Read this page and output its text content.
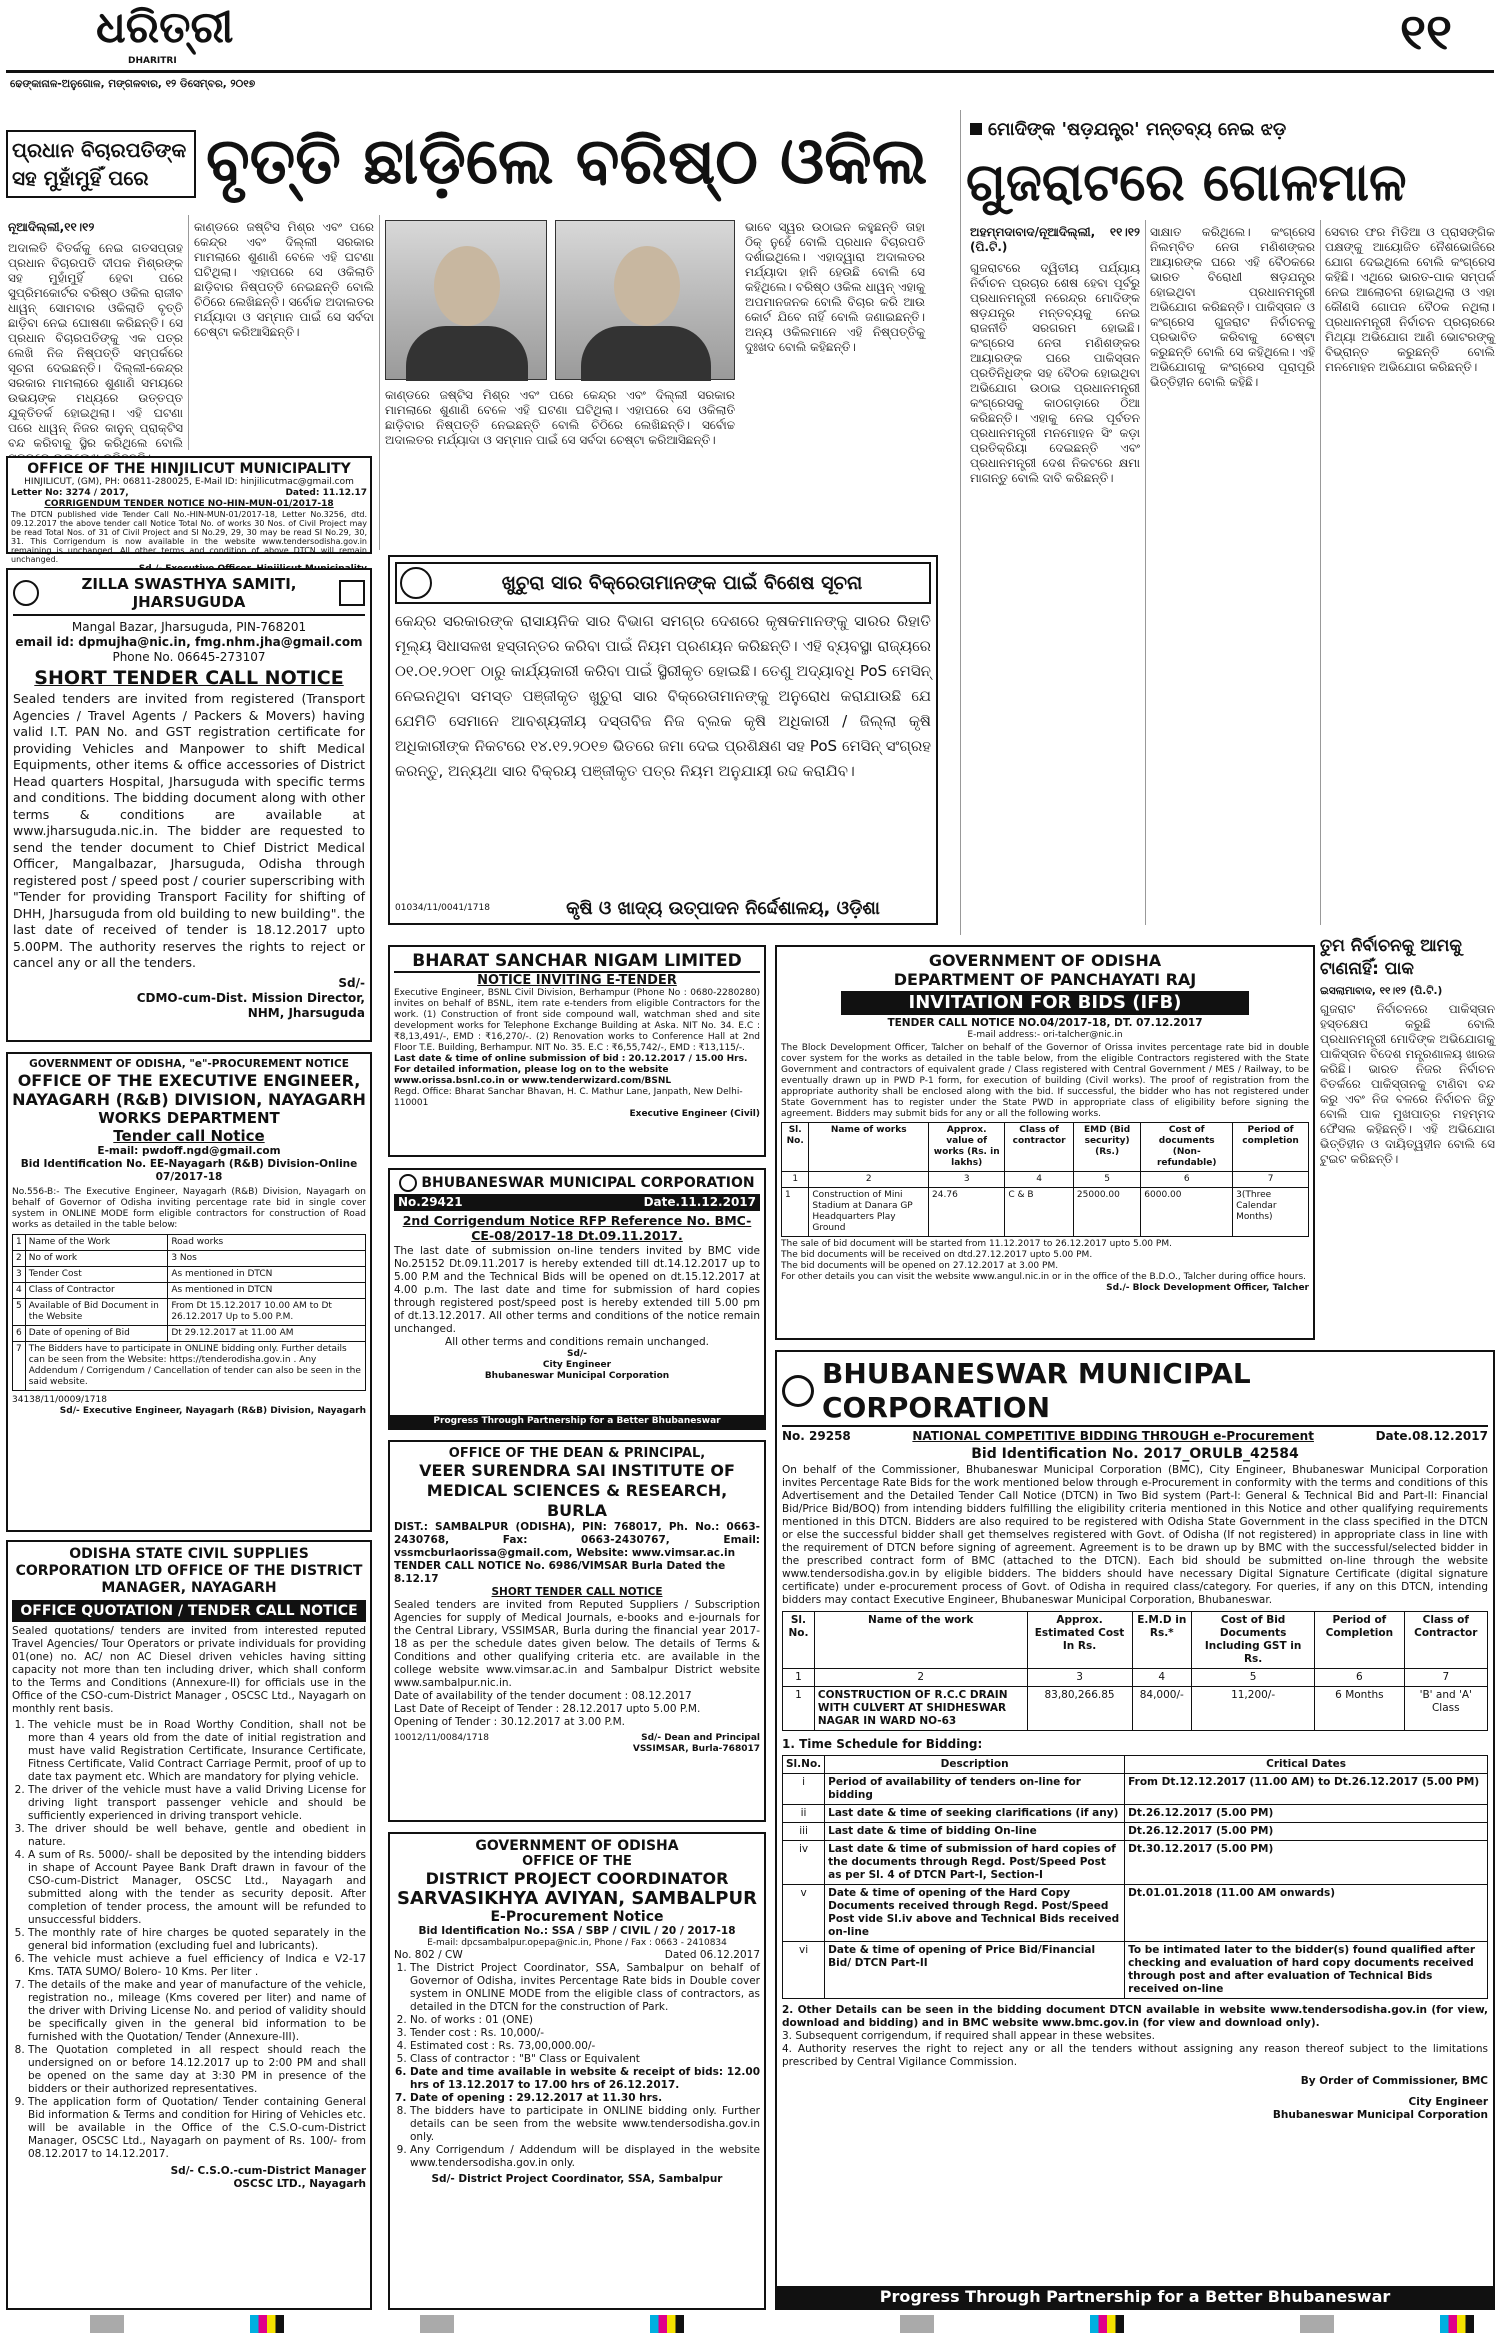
ଧରିତ୍ରୀ
DHARITRI	୧୧
ଢେଙ୍କାନାଳ-ଅନୁଗୋଳ, ମଙ୍ଗଳବାର, ୧୨ ଡିସେମ୍ବର, ୨୦୧୭
ପ୍ରଧାନ ବିଚାରପତିଙ୍କ ସହ ମୁହାଁମୁହିଁ ପରେ ବୃତ୍ତି ଛାଡ଼ିଲେ ବରିଷ୍ଠ ଓକିଲ
ନୂଆଦିଲ୍ଲୀ,୧୧।୧୨
ଅଦାଲତି ବିତର୍କକୁ ନେଇ ଗତସପ୍ତାହ ପ୍ରଧାନ ବିଚାରପତି ଦୀପକ ମିଶ୍ରଙ୍କ ସହ ମୁହାଁମୁହିଁ ହେବା ପରେ ସୁପ୍ରିମକୋର୍ଟର ବରିଷ୍ଠ ଓକିଲ ରାଜୀବ ଧାୱନ୍ ସୋମବାର ଓକିଲାତି ବୃତ୍ତି ଛାଡ଼ିବା ନେଇ ଘୋଷଣା କରିଛନ୍ତି। ସେ ପ୍ରଧାନ ବିଚାରପତିଙ୍କୁ ଏକ ପତ୍ର ଲେଖି ନିଜ ନିଷ୍ପତ୍ତି ସମ୍ପର୍କରେ ସୂଚନା ଦେଇଛନ୍ତି। ଦିଲ୍ଲୀ-କେନ୍ଦ୍ର ସରକାର ମାମଲାରେ ଶୁଣାଣି ସମୟରେ ଉଭୟଙ୍କ ମଧ୍ୟରେ ଉତ୍ତପ୍ତ ଯୁକ୍ତିତର୍କ ହୋଇଥିଲା। ଏହି ଘଟଣା ପରେ ଧାୱନ୍ ନିଜର କାନୁନ୍ ପ୍ରାକ୍ଟିସ ବନ୍ଦ କରିବାକୁ ସ୍ଥିର କରିଥିଲେ ବୋଲି
କାଣ୍ଡରେ ଜଷ୍ଟିସ ମିଶ୍ର ଏବଂ ପରେ କେନ୍ଦ୍ର ଏବଂ ଦିଲ୍ଲୀ ସରକାର ମାମଲାରେ ଶୁଣାଣି ବେଳେ ଏହି ଘଟଣା ଘଟିଥିଲା। ଏହାପରେ ସେ ଓକିଲାତି ଛାଡ଼ିବାର ନିଷ୍ପତ୍ତି ନେଇଛନ୍ତି ବୋଲି ଚିଠିରେ ଲେଖିଛନ୍ତି। ସର୍ବୋଚ୍ଚ ଅଦାଲତର ମର୍ଯ୍ୟାଦା ଓ ସମ୍ମାନ ପାଇଁ ସେ ସର୍ବଦା ଚେଷ୍ଟା କରିଆସିଛନ୍ତି।
କାଣ୍ଡରେ ଜଷ୍ଟିସ ମିଶ୍ର ଏବଂ ପରେ କେନ୍ଦ୍ର ଏବଂ ଦିଲ୍ଲୀ ସରକାର ମାମଲାରେ ଶୁଣାଣି ବେଳେ ଏହି ଘଟଣା ଘଟିଥିଲା। ଏହାପରେ ସେ ଓକିଲାତି ଛାଡ଼ିବାର ନିଷ୍ପତ୍ତି ନେଇଛନ୍ତି ବୋଲି ଚିଠିରେ ଲେଖିଛନ୍ତି। ସର୍ବୋଚ୍ଚ ଅଦାଲତର ମର୍ଯ୍ୟାଦା ଓ ସମ୍ମାନ ପାଇଁ ସେ ସର୍ବଦା ଚେଷ୍ଟା କରିଆସିଛନ୍ତି।
ଭାବେ ସ୍ୱର ଉଠାଇନ କହୁଛନ୍ତି ତାହା ଠିକ୍ ନୁହେଁ ବୋଲି ପ୍ରଧାନ ବିଚାରପତି ଦର୍ଶାଇଥିଲେ। ଏହାଦ୍ୱାରା ଅଦାଲତର ମର୍ଯ୍ୟାଦା ହାନି ହେଉଛି ବୋଲି ସେ କହିଥିଲେ। ବରିଷ୍ଠ ଓକିଲ ଧାୱନ୍ ଏହାକୁ ଅପମାନଜନକ ବୋଲି ବିଚାର କରି ଆଉ କୋର୍ଟ ଯିବେ ନାହିଁ ବୋଲି ଜଣାଇଛନ୍ତି। ଅନ୍ୟ ଓକିଲମାନେ ଏହି ନିଷ୍ପତ୍ତିକୁ ଦୁଃଖଦ ବୋଲି କହିଛନ୍ତି।
ମୋଦିଙ୍କ 'ଷଡ଼ଯନ୍ତ୍ର' ମନ୍ତବ୍ୟ ନେଇ ଝଡ଼
ଗୁଜରାଟରେ ଗୋଳମାଳ
ଅହମ୍ମଦାବାଦ/ନୂଆଦିଲ୍ଲୀ, ୧୧।୧୨ (ପି.ଟି.)
ଗୁଜରାଟରେ ଦ୍ୱିତୀୟ ପର୍ଯ୍ୟାୟ ନିର୍ବାଚନ ପ୍ରଚାର ଶେଷ ହେବା ପୂର୍ବରୁ ପ୍ରଧାନମନ୍ତ୍ରୀ ନରେନ୍ଦ୍ର ମୋଦିଙ୍କ ଷଡ଼ଯନ୍ତ୍ର ମନ୍ତବ୍ୟକୁ ନେଇ ରାଜନୀତି ସରଗରମ ହୋଇଛି। କଂଗ୍ରେସ ନେତା ମଣିଶଙ୍କର ଆୟାରଙ୍କ ଘରେ ପାକିସ୍ତାନ ପ୍ରତିନିଧିଙ୍କ ସହ ବୈଠକ ହୋଇଥିବା ଅଭିଯୋଗ ଉଠାଇ ପ୍ରଧାନମନ୍ତ୍ରୀ କଂଗ୍ରେସକୁ କାଠଗଡ଼ାରେ ଠିଆ କରିଛନ୍ତି। ଏହାକୁ ନେଇ ପୂର୍ବତନ ପ୍ରଧାନମନ୍ତ୍ରୀ ମନମୋହନ ସିଂ କଡ଼ା ପ୍ରତିକ୍ରିୟା ଦେଇଛନ୍ତି ଏବଂ ପ୍ରଧାନମନ୍ତ୍ରୀ ଦେଶ ନିକଟରେ କ୍ଷମା ମାଗନ୍ତୁ ବୋଲି ଦାବି କରିଛନ୍ତି।
ସାକ୍ଷାତ କରିଥିଲେ। କଂଗ୍ରେସ ନିଲମ୍ବିତ ନେତା ମଣିଶଙ୍କର ଆୟାରଙ୍କ ଘରେ ଏହି ବୈଠକରେ ଭାରତ ବିରୋଧୀ ଷଡ଼ଯନ୍ତ୍ର ହୋଇଥିବା ପ୍ରଧାନମନ୍ତ୍ରୀ ଅଭିଯୋଗ କରିଛନ୍ତି। ପାକିସ୍ତାନ ଓ କଂଗ୍ରେସ ଗୁଜରାଟ ନିର୍ବାଚନକୁ ପ୍ରଭାବିତ କରିବାକୁ ଚେଷ୍ଟା କରୁଛନ୍ତି ବୋଲି ସେ କହିଥିଲେ। ଏହି ଅଭିଯୋଗକୁ କଂଗ୍ରେସ ପୂରାପୂରି ଭିତ୍ତିହୀନ ବୋଲି କହିଛି।
ସେବାର ଫର ମିଡିଆ ଓ ପ୍ରାସଙ୍ଗିକ ପକ୍ଷଙ୍କୁ ଆୟୋଜିତ ନୈଶଭୋଜିରେ ଯୋଗ ଦେଇଥିଲେ ବୋଲି କଂଗ୍ରେସ କହିଛି। ଏଥିରେ ଭାରତ-ପାକ ସମ୍ପର୍କ ନେଇ ଆଲୋଚନା ହୋଇଥିଲା ଓ ଏହା କୌଣସି ଗୋପନ ବୈଠକ ନଥିଲା। ପ୍ରଧାନମନ୍ତ୍ରୀ ନିର୍ବାଚନ ପ୍ରଚାରରେ ମିଥ୍ୟା ଅଭିଯୋଗ ଆଣି ଭୋଟରଙ୍କୁ ବିଭ୍ରାନ୍ତ କରୁଛନ୍ତି ବୋଲି ମନମୋହନ ଅଭିଯୋଗ କରିଛନ୍ତି।
ତୁମ ନିର୍ବାଚନକୁ ଆମକୁ ଟାଣନାହିଁ: ପାକ
ଇସଲାମାବାଦ, ୧୧।୧୨ (ପି.ଟି.)
ଗୁଜରାଟ ନିର୍ବାଚନରେ ପାକିସ୍ତାନ ହସ୍ତକ୍ଷେପ କରୁଛି ବୋଲି ପ୍ରଧାନମନ୍ତ୍ରୀ ମୋଦିଙ୍କ ଅଭିଯୋଗକୁ ପାକିସ୍ତାନ ବିଦେଶ ମନ୍ତ୍ରଣାଳୟ ଖାରଜ କରିଛି। ଭାରତ ନିଜର ନିର୍ବାଚନ ବିତର୍କରେ ପାକିସ୍ତାନକୁ ଟାଣିବା ବନ୍ଦ କରୁ ଏବଂ ନିଜ ବଳରେ ନିର୍ବାଚନ ଜିତୁ ବୋଲି ପାକ ମୁଖପାତ୍ର ମହମ୍ମଦ ଫୈସଲ କହିଛନ୍ତି। ଏହି ଅଭିଯୋଗ ଭିତ୍ତିହୀନ ଓ ଦାୟିତ୍ୱହୀନ ବୋଲି ସେ ଟୁଇଟ କରିଛନ୍ତି।
OFFICE OF THE HINJILICUT MUNICIPALITY
HINJILICUT, (GM), PH: 06811-280025, E-Mail ID: hinjilicutmac@gmail.com
Letter No: 3274 / 2017,	Dated: 11.12.17
CORRIGENDUM TENDER NOTICE NO-HIN-MUN-01/2017-18
The DTCN published vide Tender Call No.-HIN-MUN-01/2017-18, Letter No.3256, dtd. 09.12.2017 the above tender call Notice Total No. of works 30 Nos. of Civil Project may be read Total Nos. of 31 of Civil Project and SI No.29, 29, 30 may be read SI No.29, 30, 31. This Corrigendum is now available in the website www.tendersodisha.gov.in remaining is unchanged. All other terms and condition of above DTCN will remain unchanged.
ZILLA SWASTHYA SAMITI, JHARSUGUDA
Mangal Bazar, Jharsuguda, PIN-768201
email id: dpmujha@nic.in, fmg.nhm.jha@gmail.com
Phone No. 06645-273107
SHORT TENDER CALL NOTICE
Sealed tenders are invited from registered (Transport Agencies / Travel Agents / Packers & Movers) having valid I.T. PAN No. and GST registration certificate for providing Vehicles and Manpower to shift Medical Equipments, other items & office accessories of District Head quarters Hospital, Jharsuguda with specific terms and conditions. The bidding document along with other terms & conditions are available at www.jharsuguda.nic.in. The bidder are requested to send the tender document to Chief District Medical Officer, Mangalbazar, Jharsuguda, Odisha through registered post / speed post / courier superscribing with "Tender for providing Transport Facility for shifting of DHH, Jharsuguda from old building to new building". the last date of received of tender is 18.12.2017 upto 5.00PM. The authority reserves the rights to reject or cancel any or all the tenders.
Sd/-
CDMO-cum-Dist. Mission Director,
NHM, Jharsuguda
GOVERNMENT OF ODISHA, "e"-PROCUREMENT NOTICE
OFFICE OF THE EXECUTIVE ENGINEER, NAYAGARH (R&B) DIVISION, NAYAGARH
WORKS DEPARTMENT
Tender call Notice
E-mail: pwdoff.ngd@gmail.com
Bid Identification No. EE-Nayagarh (R&B) Division-Online 07/2017-18
No.556-B:- The Executive Engineer, Nayagarh (R&B) Division, Nayagarh on behalf of Governor of Odisha inviting percentage rate bid in single cover system in ONLINE MODE form eligible contractors for construction of Road works as detailed in the table below:
1	Name of the Work	Road works
2	No of work	3 Nos
3	Tender Cost	As mentioned in DTCN
4	Class of Contractor	As mentioned in DTCN
5	Available of Bid Document in the Website	From Dt 15.12.2017 10.00 AM to Dt 26.12.2017 Up to 5.00 P.M.
6	Date of opening of Bid	Dt 29.12.2017 at 11.00 AM
7	The Bidders have to participate in ONLINE bidding only. Further details can be seen from the Website: https://tenderodisha.gov.in . Any Addendum / Corrigendum / Cancellation of tender can also be seen in the said website.	
34138/11/0009/1718
Sd/- Executive Engineer, Nayagarh (R&B) Division, Nayagarh
ODISHA STATE CIVIL SUPPLIES CORPORATION LTD OFFICE OF THE DISTRICT MANAGER, NAYAGARH
OFFICE QUOTATION / TENDER CALL NOTICE
Sealed quotations/ tenders are invited from interested reputed Travel Agencies/ Tour Operators or private individuals for providing 01(one) no. AC/ non AC Diesel driven vehicles having sitting capacity not more than ten including driver, which shall conform to the Terms and Conditions (Annexure-II) for officials use in the Office of the CSO-cum-District Manager , OSCSC Ltd., Nayagarh on monthly rent basis.
1. The vehicle must be in Road Worthy Condition, shall not be more than 4 years old from the date of initial registration and must have valid Registration Certificate, Insurance Certificate, Fitness Certificate, Valid Contract Carriage Permit, proof of up to date tax payment etc. Which are mandatory for plying vehicle.
2. The driver of the vehicle must have a valid Driving License for driving light transport passenger vehicle and should be sufficiently experienced in driving transport vehicle.
3. The driver should be well behave, gentle and obedient in nature.
4. A sum of Rs. 5000/- shall be deposited by the intending bidders in shape of Account Payee Bank Draft drawn in favour of the CSO-cum-District Manager, OSCSC Ltd., Nayagarh and submitted along with the tender as security deposit. After completion of tender process, the amount will be refunded to unsuccessful bidders.
5. The monthly rate of hire charges be quoted separately in the general bid information (excluding fuel and lubricants).
6. The vehicle must achieve a fuel efficiency of Indica e V2-17 Kms. TATA SUMO/ Bolero- 10 Kms. Per liter .
7. The details of the make and year of manufacture of the vehicle, registration no., mileage (Kms covered per liter) and name of the driver with Driving License No. and period of validity should be specifically given in the general bid information to be furnished with the Quotation/ Tender (Annexure-III).
8. The Quotation completed in all respect should reach the undersigned on or before 14.12.2017 up to 2:00 PM and shall be opened on the same day at 3:30 PM in presence of the bidders or their authorized representatives.
9. The application form of Quotation/ Tender containing General Bid information & Terms and condition for Hiring of Vehicles etc. will be available in the Office of the C.S.O-cum-District Manager, OSCSC Ltd., Nayagarh on payment of Rs. 100/- from 08.12.2017 to 14.12.2017.
Sd/- C.S.O.-cum-District Manager
OSCSC LTD., Nayagarh
ଖୁଚୁରା ସାର ବିକ୍ରେତାମାନଙ୍କ ପାଇଁ ବିଶେଷ ସୂଚନା
କେନ୍ଦ୍ର ସରକାରଙ୍କ ରାସାୟନିକ ସାର ବିଭାଗ ସମଗ୍ର ଦେଶରେ କୃଷକମାନଙ୍କୁ ସାରର ରିହାତି ମୂଲ୍ୟ ସିଧାସଳଖ ହସ୍ତାନ୍ତର କରିବା ପାଇଁ ନିୟମ ପ୍ରଣୟନ କରିଛନ୍ତି। ଏହି ବ୍ୟବସ୍ଥା ରାଜ୍ୟରେ ୦୧.୦୧.୨୦୧୮ ଠାରୁ କାର୍ଯ୍ୟକାରୀ କରିବା ପାଇଁ ସ୍ଥିରୀକୃତ ହୋଇଛି। ତେଣୁ ଅଦ୍ୟାବଧି PoS ମେସିନ୍ ନେଇନଥିବା ସମସ୍ତ ପଞ୍ଜୀକୃତ ଖୁଚୁରା ସାର ବିକ୍ରେତାମାନଙ୍କୁ ଅନୁରୋଧ କରାଯାଉଛି ଯେ ଯେମିତି ସେମାନେ ଆବଶ୍ୟକୀୟ ଦସ୍ତାବିଜ ନିଜ ବ୍ଲକ କୃଷି ଅଧିକାରୀ / ଜିଲ୍ଲା କୃଷି ଅଧିକାରୀଙ୍କ ନିକଟରେ ୧୪.୧୨.୨୦୧୭ ଭିତରେ ଜମା ଦେଇ ପ୍ରଶିକ୍ଷଣ ସହ PoS ମେସିନ୍ ସଂଗ୍ରହ କରନ୍ତୁ, ଅନ୍ୟଥା ସାର ବିକ୍ରୟ ପଞ୍ଜୀକୃତ ପତ୍ର ନିୟମ ଅନୁଯାୟୀ ରଦ୍ଦ କରାଯିବ।
01034/11/0041/1718	କୃଷି ଓ ଖାଦ୍ୟ ଉତ୍ପାଦନ ନିର୍ଦ୍ଦେଶାଳୟ, ଓଡ଼ିଶା
BHARAT SANCHAR NIGAM LIMITED
NOTICE INVITING E-TENDER
Executive Engineer, BSNL Civil Division, Berhampur (Phone No : 0680-2280280) invites on behalf of BSNL, item rate e-tenders from eligible Contractors for the work. (1) Construction of front side compound wall, watchman shed and site development works for Telephone Exchange Building at Aska. NIT No. 34. E.C : ₹8,13,491/-, EMD : ₹16,270/-. (2) Renovation works to Conference Hall at 2nd Floor T.E. Building, Berhampur. NIT No. 35. E.C : ₹6,55,742/-, EMD : ₹13,115/-.
Last date & time of online submission of bid : 20.12.2017 / 15.00 Hrs.
For detailed information, please log on to the website www.orissa.bsnl.co.in or www.tenderwizard.com/BSNL
Regd. Office: Bharat Sanchar Bhavan, H. C. Mathur Lane, Janpath, New Delhi-110001
Executive Engineer (Civil)
BHUBANESWAR MUNICIPAL CORPORATION
No.29421	Date.11.12.2017
2nd Corrigendum Notice RFP Reference No. BMC-CE-08/2017-18 Dt.09.11.2017.
The last date of submission on-line tenders invited by BMC vide No.25152 Dt.09.11.2017 is hereby extended till dt.14.12.2017 up to 5.00 P.M and the Technical Bids will be opened on dt.15.12.2017 at 4.00 p.m. The last date and time for submission of hard copies through registered post/speed post is hereby extended till 5.00 pm of dt.13.12.2017. All other terms and conditions of the notice remain unchanged.
All other terms and conditions remain unchanged.
Sd/-
City Engineer
Bhubaneswar Municipal Corporation
Progress Through Partnership for a Better Bhubaneswar
OFFICE OF THE DEAN & PRINCIPAL,
VEER SURENDRA SAI INSTITUTE OF MEDICAL SCIENCES & RESEARCH, BURLA
DIST.: SAMBALPUR (ODISHA), PIN: 768017, Ph. No.: 0663-2430768, Fax: 0663-2430767, Email: vssmcburlaorissa@gmail.com, Website: www.vimsar.ac.in
TENDER CALL NOTICE No. 6986/VIMSAR Burla Dated the 8.12.17
SHORT TENDER CALL NOTICE
Sealed tenders are invited from Reputed Suppliers / Subscription Agencies for supply of Medical Journals, e-books and e-journals for the Central Library, VSSIMSAR, Burla during the financial year 2017-18 as per the schedule dates given below. The details of Terms & Conditions and other qualifying criteria etc. are available in the college website www.vimsar.ac.in and Sambalpur District website www.sambalpur.nic.in.
Date of availability of the tender document : 08.12.2017
Last Date of Receipt of Tender : 28.12.2017 upto 5.00 P.M.
Opening of Tender : 30.12.2017 at 3.00 P.M.
10012/11/0084/1718	Sd/- Dean and Principal
VSSIMSAR, Burla-768017
GOVERNMENT OF ODISHA
OFFICE OF THE
DISTRICT PROJECT COORDINATOR
SARVASIKHYA AVIYAN, SAMBALPUR
E-Procurement Notice
Bid Identification No.: SSA / SBP / CIVIL / 20 / 2017-18
E-mail: dpcsambalpur.opepa@nic.in, Phone / Fax : 0663 - 2410834
No. 802 / CW	Dated 06.12.2017
1. The District Project Coordinator, SSA, Sambalpur on behalf of Governor of Odisha, invites Percentage Rate bids in Double cover system in ONLINE MODE from the eligible class of contractors, as detailed in the DTCN for the construction of Park.
2. No. of works : 01 (ONE)
3. Tender cost : Rs. 10,000/-
4. Estimated cost : Rs. 73,00,000.00/-
5. Class of contractor : "B" Class or Equivalent
6. Date and time available in website & receipt of bids: 12.00 hrs of 13.12.2017 to 17.00 hrs of 26.12.2017.
7. Date of opening : 29.12.2017 at 11.30 hrs.
8. The bidders have to participate in ONLINE bidding only. Further details can be seen from the website www.tendersodisha.gov.in only.
9. Any Corrigendum / Addendum will be displayed in the website www.tendersodisha.gov.in only.
Sd/- District Project Coordinator, SSA, Sambalpur
GOVERNMENT OF ODISHA
DEPARTMENT OF PANCHAYATI RAJ
INVITATION FOR BIDS (IFB)
TENDER CALL NOTICE NO.04/2017-18, DT. 07.12.2017
E-mail address:- ori-talcher@nic.in
The Block Development Officer, Talcher on behalf of the Governor of Orissa invites percentage rate bid in double cover system for the works as detailed in the table below, from the eligible Contractors registered with the State Government and contractors of equivalent grade / Class registered with Central Government / MES / Railway, to be eventually drawn up in PWD P-1 form, for execution of building (Civil works). The proof of registration from the appropriate authority shall be enclosed along with the bid. If successful, the bidder who has not registered under State Government has to register under the State PWD in appropriate class of eligibility before signing the agreement. Bidders may submit bids for any or all the following works.
Sl. No.	Name of works	Approx. value of works (Rs. in lakhs)	Class of contractor	EMD (Bid security) (Rs.)	Cost of documents (Non-refundable)	Period of completion
1	2	3	4	5	6	7
1	Construction of Mini Stadium at Danara GP Headquarters Play Ground	24.76	C & B	25000.00	6000.00	3(Three Calendar Months)
The sale of bid document will be started from 11.12.2017 to 26.12.2017 upto 5.00 PM.
The bid documents will be received on dtd.27.12.2017 upto 5.00 PM.
The bid documents will be opened on 27.12.2017 at 3.00 PM.
For other details you can visit the website www.angul.nic.in or in the office of the B.D.O., Talcher during office hours.
Sd./- Block Development Officer, Talcher
BHUBANESWAR MUNICIPAL CORPORATION
No. 29258	NATIONAL COMPETITIVE BIDDING THROUGH e-Procurement	Date.08.12.2017
Bid Identification No. 2017_ORULB_42584
On behalf of the Commissioner, Bhubaneswar Municipal Corporation (BMC), City Engineer, Bhubaneswar Municipal Corporation invites Percentage Rate Bids for the work mentioned below through e-Procurement in conformity with the terms and conditions of this Advertisement and the Detailed Tender Call Notice (DTCN) in Two Bid system (Part-I: General & Technical Bid and Part-II: Financial Bid/Price Bid/BOQ) from intending bidders fulfilling the eligibility criteria mentioned in this Notice and other qualifying requirements mentioned in this DTCN. Bidders are also required to be registered with Odisha State Government in the class specified in the DTCN or else the successful bidder shall get themselves registered with Govt. of Odisha (If not registered) in appropriate class in line with the requirement of DTCN before signing of agreement. Agreement is to be drawn up by BMC with the successful/selected bidder in the prescribed contract form of BMC (attached to the DTCN). Each bid should be submitted on-line through the website www.tendersodisha.gov.in by eligible bidders. The bidders should have necessary Digital Signature Certificate (digital signature certificate) under e-procurement process of Govt. of Odisha in required class/category. For queries, if any on this DTCN, intending bidders may contact Executive Engineer, Bhubaneswar Municipal Corporation, Bhubaneswar.
Sl. No.	Name of the work	Approx. Estimated Cost In Rs.	E.M.D in Rs.*	Cost of Bid Documents Including GST in Rs.	Period of Completion	Class of Contractor
1	2	3	4	5	6	7
1	CONSTRUCTION OF R.C.C DRAIN WITH CULVERT AT SHIDHESWAR NAGAR IN WARD NO-63	83,80,266.85	84,000/-	11,200/-	6 Months	'B' and 'A' Class
1. Time Schedule for Bidding:
Sl.No.	Description	Critical Dates
i	Period of availability of tenders on-line for bidding	From Dt.12.12.2017 (11.00 AM) to Dt.26.12.2017 (5.00 PM)
ii	Last date & time of seeking clarifications (if any)	Dt.26.12.2017 (5.00 PM)
iii	Last date & time of bidding On-line	Dt.26.12.2017 (5.00 PM)
iv	Last date & time of submission of hard copies of the documents through Regd. Post/Speed Post as per Sl. 4 of DTCN Part-I, Section-I	Dt.30.12.2017 (5.00 PM)
v	Date & time of opening of the Hard Copy Documents received through Regd. Post/Speed Post vide Sl.iv above and Technical Bids received on-line	Dt.01.01.2018 (11.00 AM onwards)
vi	Date & time of opening of Price Bid/Financial Bid/ DTCN Part-II	To be intimated later to the bidder(s) found qualified after checking and evaluation of hard copy documents received through post and after evaluation of Technical Bids received on-line
2. Other Details can be seen in the bidding document DTCN available in website www.tendersodisha.gov.in (for view, download and bidding) and in BMC website www.bmc.gov.in (for view and download only).
3. Subsequent corrigendum, if required shall appear in these websites.
4. Authority reserves the right to reject any or all the tenders without assigning any reason thereof subject to the limitations prescribed by Central Vigilance Commission.
By Order of Commissioner, BMC
City Engineer
Bhubaneswar Municipal Corporation
Progress Through Partnership for a Better Bhubaneswar
